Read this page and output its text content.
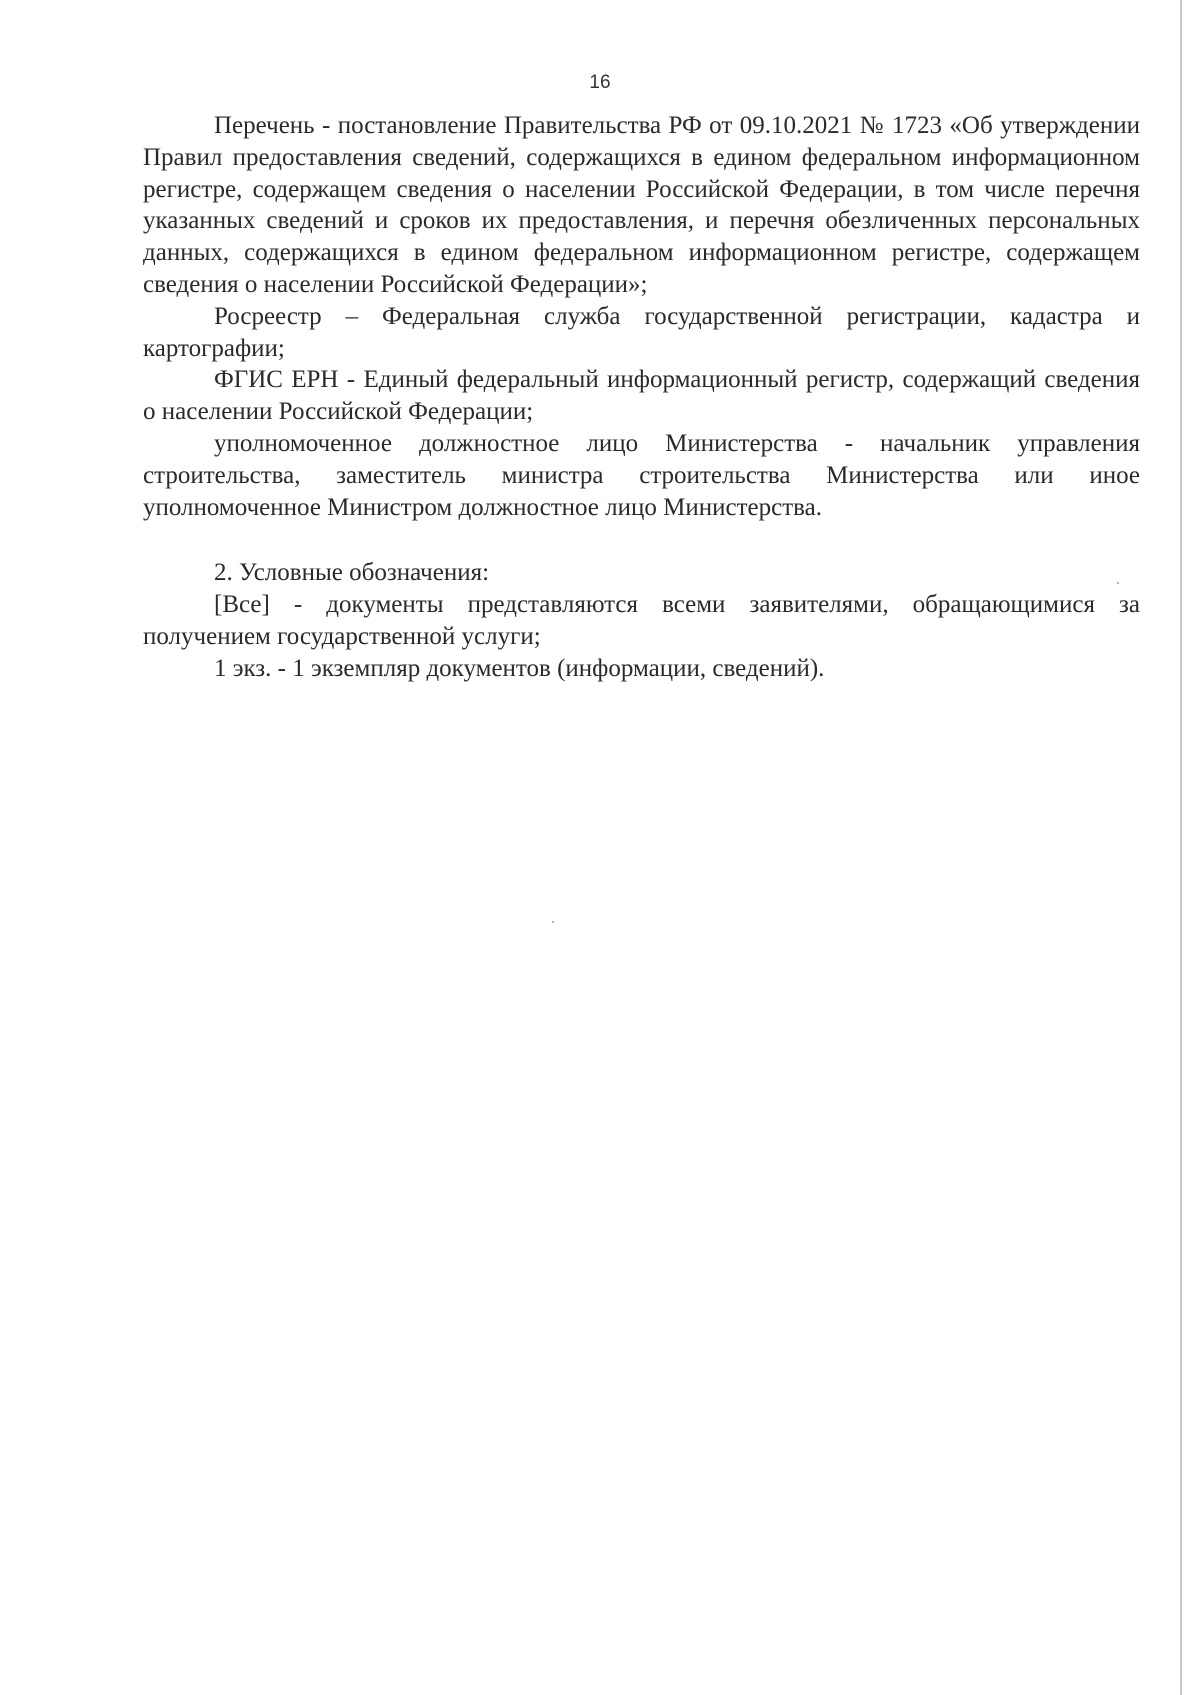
16

Перечень - постановление Правительства РФ от 09.10.2021 № 1723 «Об утверждении Правил предоставления сведений, содержащихся в едином федеральном информационном регистре, содержащем сведения о населении Российской Федерации, в том числе перечня указанных сведений и сроков их предоставления, и перечня обезличенных персональных данных, содержащихся в едином федеральном информационном регистре, содержащем сведения о населении Российской Федерации»;

Росреестр – Федеральная служба государственной регистрации, кадастра и картографии;

ФГИС ЕРН - Единый федеральный информационный регистр, содержащий сведения о населении Российской Федерации;

уполномоченное должностное лицо Министерства - начальник управления строительства, заместитель министра строительства Министерства или иное уполномоченное Министром должностное лицо Министерства.

2. Условные обозначения:

[Все] - документы представляются всеми заявителями, обращающимися за получением государственной услуги;

1 экз. - 1 экземпляр документов (информации, сведений).
